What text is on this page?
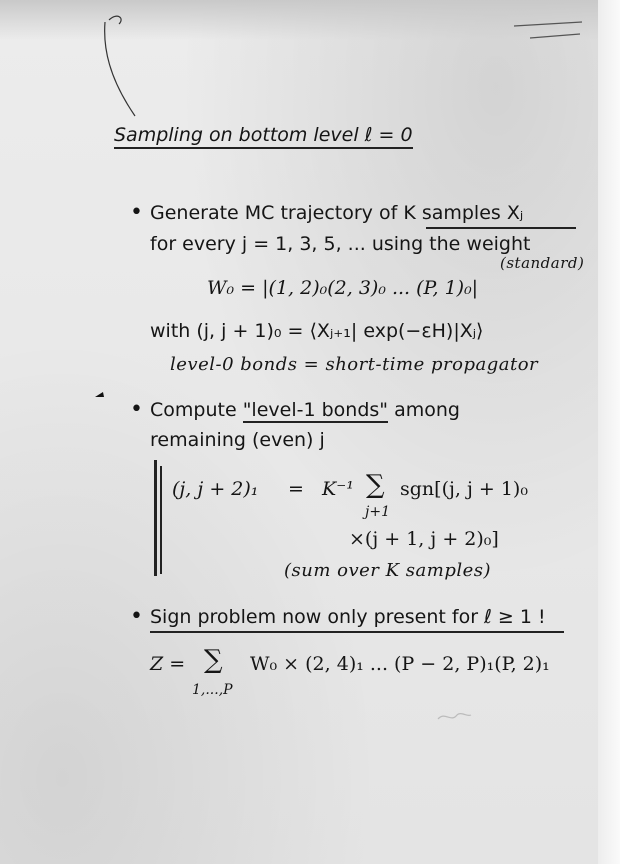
Sampling on bottom level ℓ = 0
• Generate MC trajectory of K samples Xⱼ
for every j = 1, 3, 5, ... using the weight
(standard)
W₀ = |(1, 2)₀(2, 3)₀ ... (P, 1)₀|
with (j, j + 1)₀ = ⟨Xⱼ₊₁| exp(−εH)|Xⱼ⟩
level-0 bonds = short-time propagator
• Compute "level-1 bonds" among
remaining (even) j
(j, j + 2)₁ = K⁻¹ ∑
j+1
sgn[(j, j + 1)₀
×(j + 1, j + 2)₀]
(sum over K samples)
• Sign problem now only present for ℓ ≥ 1 !
Z = ∑
1,...,P
W₀ × (2, 4)₁ ... (P − 2, P)₁(P, 2)₁
